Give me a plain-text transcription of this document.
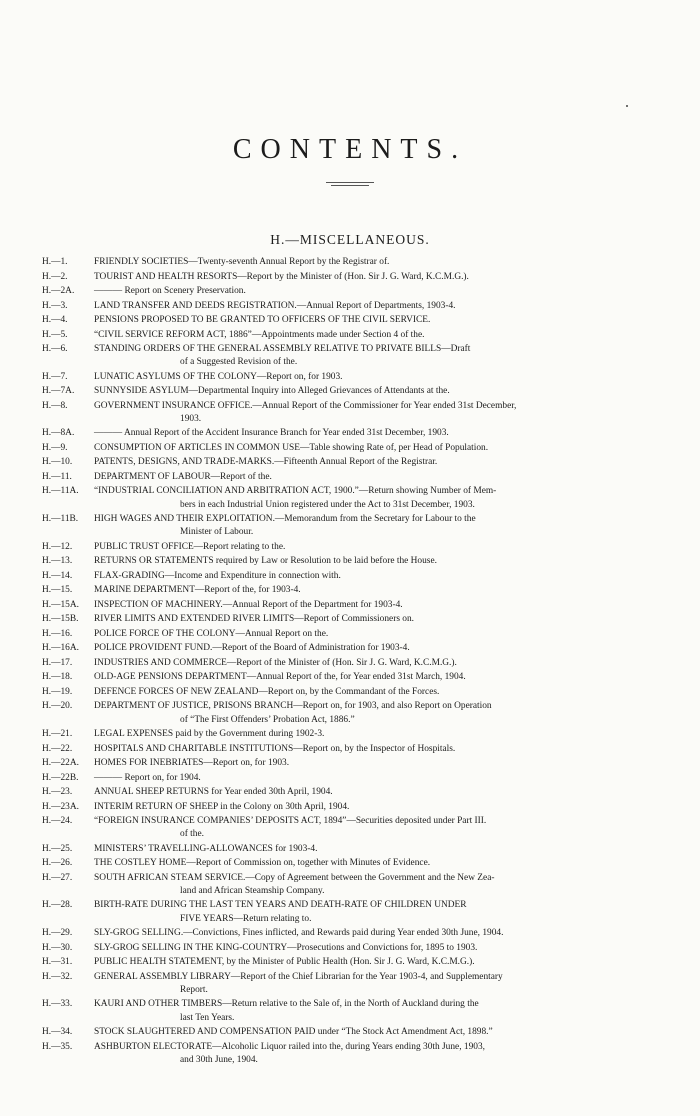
CONTENTS.
H.—MISCELLANEOUS.
H.—1.	FRIENDLY SOCIETIES—Twenty-seventh Annual Report by the Registrar of.
H.—2.	TOURIST AND HEALTH RESORTS—Report by the Minister of (Hon. Sir J. G. Ward, K.C.M.G.).
H.—2A. ——— Report on Scenery Preservation.
H.—3.	LAND TRANSFER AND DEEDS REGISTRATION.—Annual Report of Departments, 1903-4.
H.—4.	PENSIONS PROPOSED TO BE GRANTED TO OFFICERS OF THE CIVIL SERVICE.
H.—5.	“CIVIL SERVICE REFORM ACT, 1886”—Appointments made under Section 4 of the.
H.—6.	STANDING ORDERS OF THE GENERAL ASSEMBLY RELATIVE TO PRIVATE BILLS—Draft
of a Suggested Revision of the.
H.—7.	LUNATIC ASYLUMS OF THE COLONY—Report on, for 1903.
H.—7A. SUNNYSIDE ASYLUM—Departmental Inquiry into Alleged Grievances of Attendants at the.
H.—8.	GOVERNMENT INSURANCE OFFICE.—Annual Report of the Commissioner for Year ended 31st December,
1903.
H.—8A. ——— Annual Report of the Accident Insurance Branch for Year ended 31st December, 1903.
H.—9.	CONSUMPTION OF ARTICLES IN COMMON USE—Table showing Rate of, per Head of Population.
H.—10. PATENTS, DESIGNS, AND TRADE-MARKS.—Fifteenth Annual Report of the Registrar.
H.—11. DEPARTMENT OF LABOUR—Report of the.
H.—11A. “INDUSTRIAL CONCILIATION AND ARBITRATION ACT, 1900.”—Return showing Number of Mem-
bers in each Industrial Union registered under the Act to 31st December, 1903.
H.—11B. HIGH WAGES AND THEIR EXPLOITATION.—Memorandum from the Secretary for Labour to the
Minister of Labour.
H.—12. PUBLIC TRUST OFFICE—Report relating to the.
H.—13. RETURNS OR STATEMENTS required by Law or Resolution to be laid before the House.
H.—14. FLAX-GRADING—Income and Expenditure in connection with.
H.—15. MARINE DEPARTMENT—Report of the, for 1903-4.
H.—15A. INSPECTION OF MACHINERY.—Annual Report of the Department for 1903-4.
H.—15B. RIVER LIMITS AND EXTENDED RIVER LIMITS—Report of Commissioners on.
H.—16. POLICE FORCE OF THE COLONY—Annual Report on the.
H.—16A. POLICE PROVIDENT FUND.—Report of the Board of Administration for 1903-4.
H.—17. INDUSTRIES AND COMMERCE—Report of the Minister of (Hon. Sir J. G. Ward, K.C.M.G.).
H.—18. OLD-AGE PENSIONS DEPARTMENT—Annual Report of the, for Year ended 31st March, 1904.
H.—19. DEFENCE FORCES OF NEW ZEALAND—Report on, by the Commandant of the Forces.
H.—20. DEPARTMENT OF JUSTICE, PRISONS BRANCH—Report on, for 1903, and also Report on Operation
of “The First Offenders’ Probation Act, 1886.”
H.—21. LEGAL EXPENSES paid by the Government during 1902-3.
H.—22. HOSPITALS AND CHARITABLE INSTITUTIONS—Report on, by the Inspector of Hospitals.
H.—22A. HOMES FOR INEBRIATES—Report on, for 1903.
H.—22B. ——— Report on, for 1904.
H.—23. ANNUAL SHEEP RETURNS for Year ended 30th April, 1904.
H.—23A. INTERIM RETURN OF SHEEP in the Colony on 30th April, 1904.
H.—24. “FOREIGN INSURANCE COMPANIES’ DEPOSITS ACT, 1894”—Securities deposited under Part III.
of the.
H.—25. MINISTERS’ TRAVELLING-ALLOWANCES for 1903-4.
H.—26. THE COSTLEY HOME—Report of Commission on, together with Minutes of Evidence.
H.—27. SOUTH AFRICAN STEAM SERVICE.—Copy of Agreement between the Government and the New Zea-
land and African Steamship Company.
H.—28. BIRTH-RATE DURING THE LAST TEN YEARS AND DEATH-RATE OF CHILDREN UNDER
FIVE YEARS—Return relating to.
H.—29. SLY-GROG SELLING.—Convictions, Fines inflicted, and Rewards paid during Year ended 30th June, 1904.
H.—30. SLY-GROG SELLING IN THE KING-COUNTRY—Prosecutions and Convictions for, 1895 to 1903.
H.—31. PUBLIC HEALTH STATEMENT, by the Minister of Public Health (Hon. Sir J. G. Ward, K.C.M.G.).
H.—32. GENERAL ASSEMBLY LIBRARY—Report of the Chief Librarian for the Year 1903-4, and Supplementary
Report.
H.—33. KAURI AND OTHER TIMBERS—Return relative to the Sale of, in the North of Auckland during the
last Ten Years.
H.—34. STOCK SLAUGHTERED AND COMPENSATION PAID under “The Stock Act Amendment Act, 1898.”
H.—35. ASHBURTON ELECTORATE—Alcoholic Liquor railed into the, during Years ending 30th June, 1903,
and 30th June, 1904.
